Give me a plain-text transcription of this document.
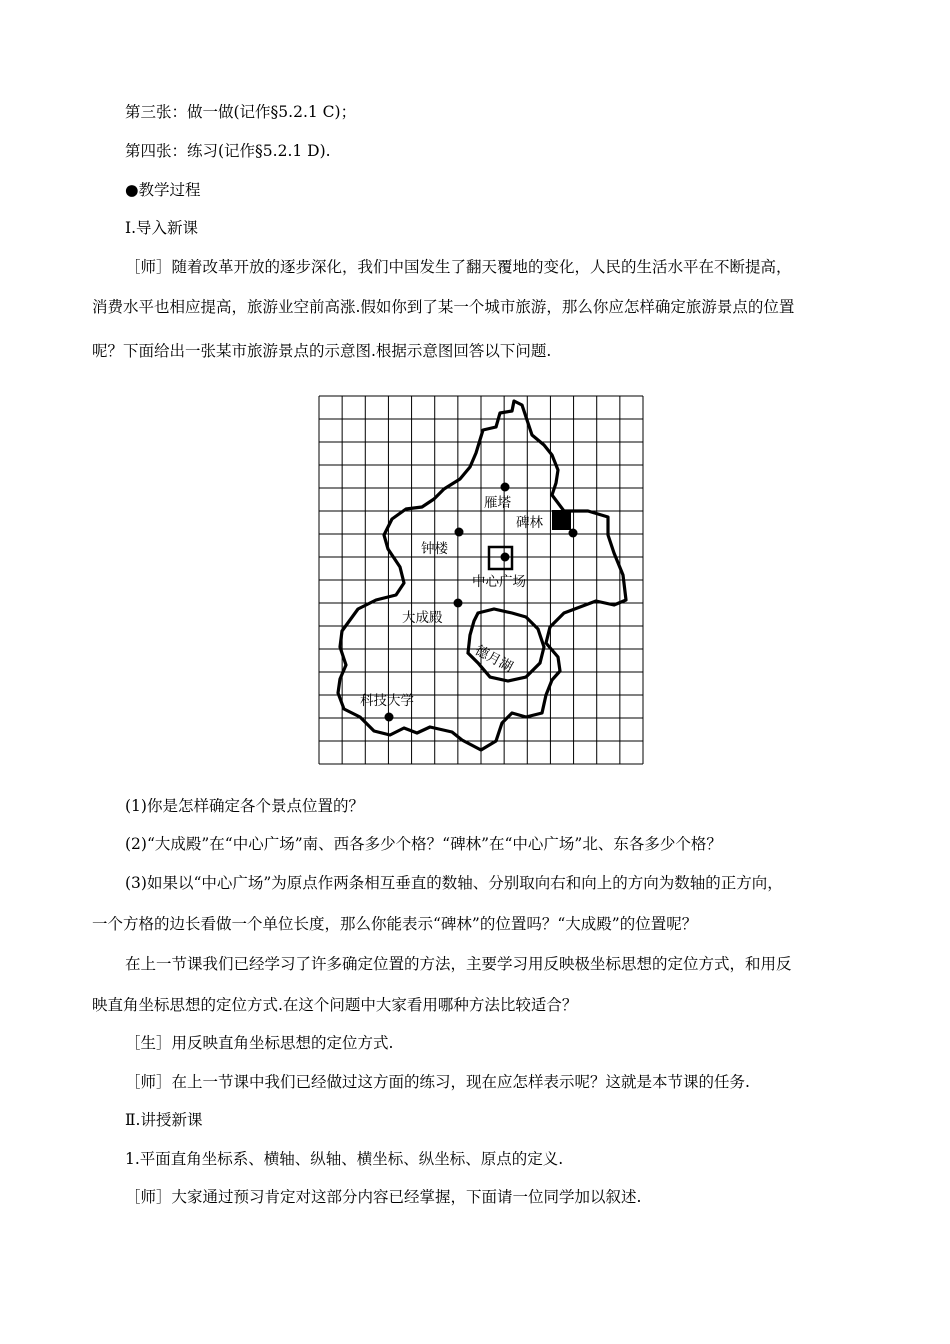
第三张：做一做(记作§5.2.1 C)；
第四张：练习(记作§5.2.1 D).
●教学过程
Ⅰ.导入新课
［师］随着改革开放的逐步深化，我们中国发生了翻天覆地的变化，人民的生活水平在不断提高，
消费水平也相应提高，旅游业空前高涨.假如你到了某一个城市旅游，那么你应怎样确定旅游景点的位置
呢？下面给出一张某市旅游景点的示意图.根据示意图回答以下问题.
雁塔
碑林
钟楼
中心广场
大成殿
德月湖
科技大学
(1)你是怎样确定各个景点位置的？
(2)“大成殿”在“中心广场”南、西各多少个格？“碑林”在“中心广场”北、东各多少个格？
(3)如果以“中心广场”为原点作两条相互垂直的数轴、分别取向右和向上的方向为数轴的正方向，
一个方格的边长看做一个单位长度，那么你能表示“碑林”的位置吗？“大成殿”的位置呢？
在上一节课我们已经学习了许多确定位置的方法，主要学习用反映极坐标思想的定位方式，和用反
映直角坐标思想的定位方式.在这个问题中大家看用哪种方法比较适合？
［生］用反映直角坐标思想的定位方式.
［师］在上一节课中我们已经做过这方面的练习，现在应怎样表示呢？这就是本节课的任务.
Ⅱ.讲授新课
1.平面直角坐标系、横轴、纵轴、横坐标、纵坐标、原点的定义.
［师］大家通过预习肯定对这部分内容已经掌握，下面请一位同学加以叙述.
